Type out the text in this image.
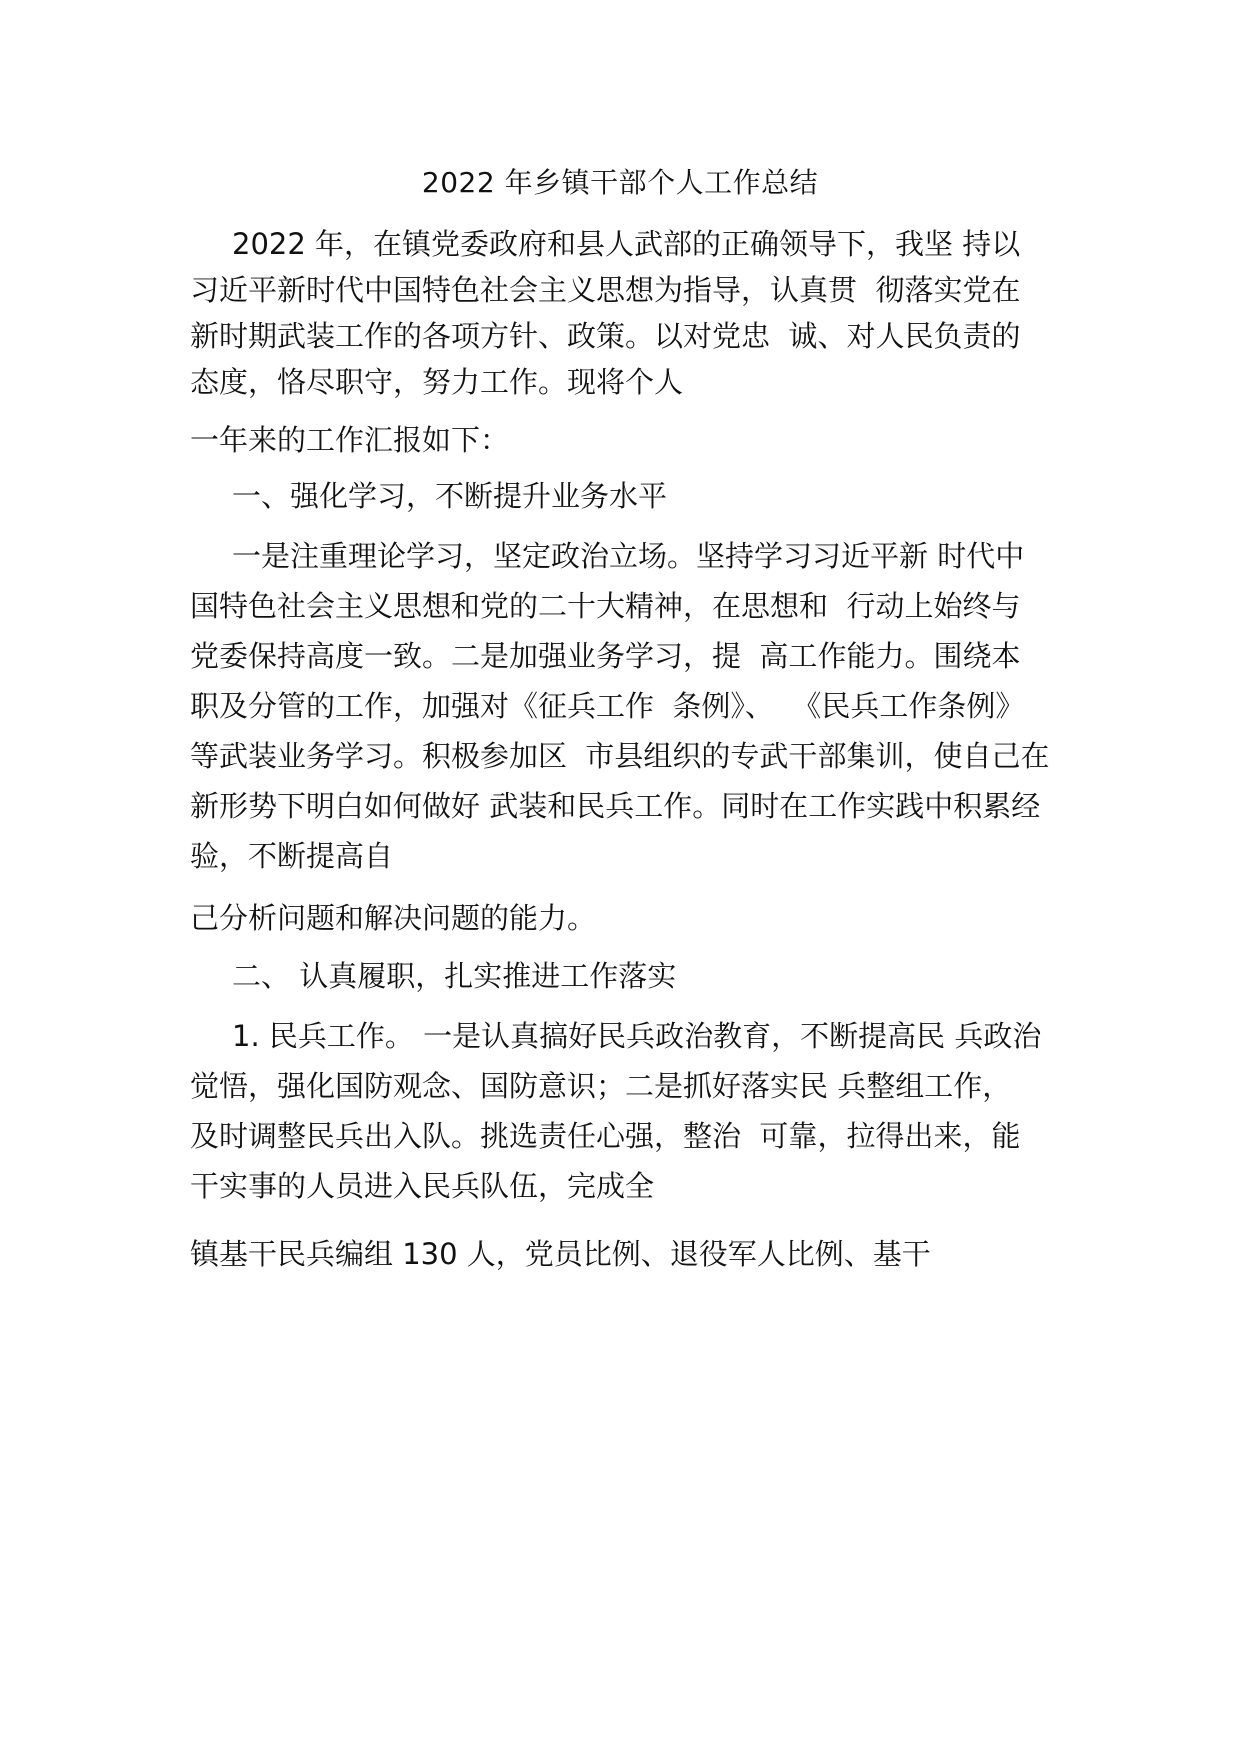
2022 年乡镇干部个人工作总结
2022 年，在镇党委政府和县人武部的正确领导下，我坚 持以
习近平新时代中国特色社会主义思想为指导，认真贯  彻落实党在
新时期武装工作的各项方针、政策。以对党忠  诚、对人民负责的
态度，恪尽职守，努力工作。现将个人
一年来的工作汇报如下：
一、强化学习，不断提升业务水平
一是注重理论学习，坚定政治立场。坚持学习习近平新 时代中
国特色社会主义思想和党的二十大精神，在思想和  行动上始终与
党委保持高度一致。二是加强业务学习，提  高工作能力。围绕本
职及分管的工作，加强对《征兵工作  条例》、  《民兵工作条例》
等武装业务学习。积极参加区  市县组织的专武干部集训，使自己在
新形势下明白如何做好 武装和民兵工作。同时在工作实践中积累经
验，不断提高自
己分析问题和解决问题的能力。
二、 认真履职，扎实推进工作落实
1. 民兵工作。 一是认真搞好民兵政治教育，不断提高民 兵政治
觉悟，强化国防观念、国防意识；二是抓好落实民 兵整组工作，
及时调整民兵出入队。挑选责任心强，整治  可靠，拉得出来，能
干实事的人员进入民兵队伍，完成全
镇基干民兵编组 130 人，党员比例、退役军人比例、基干
